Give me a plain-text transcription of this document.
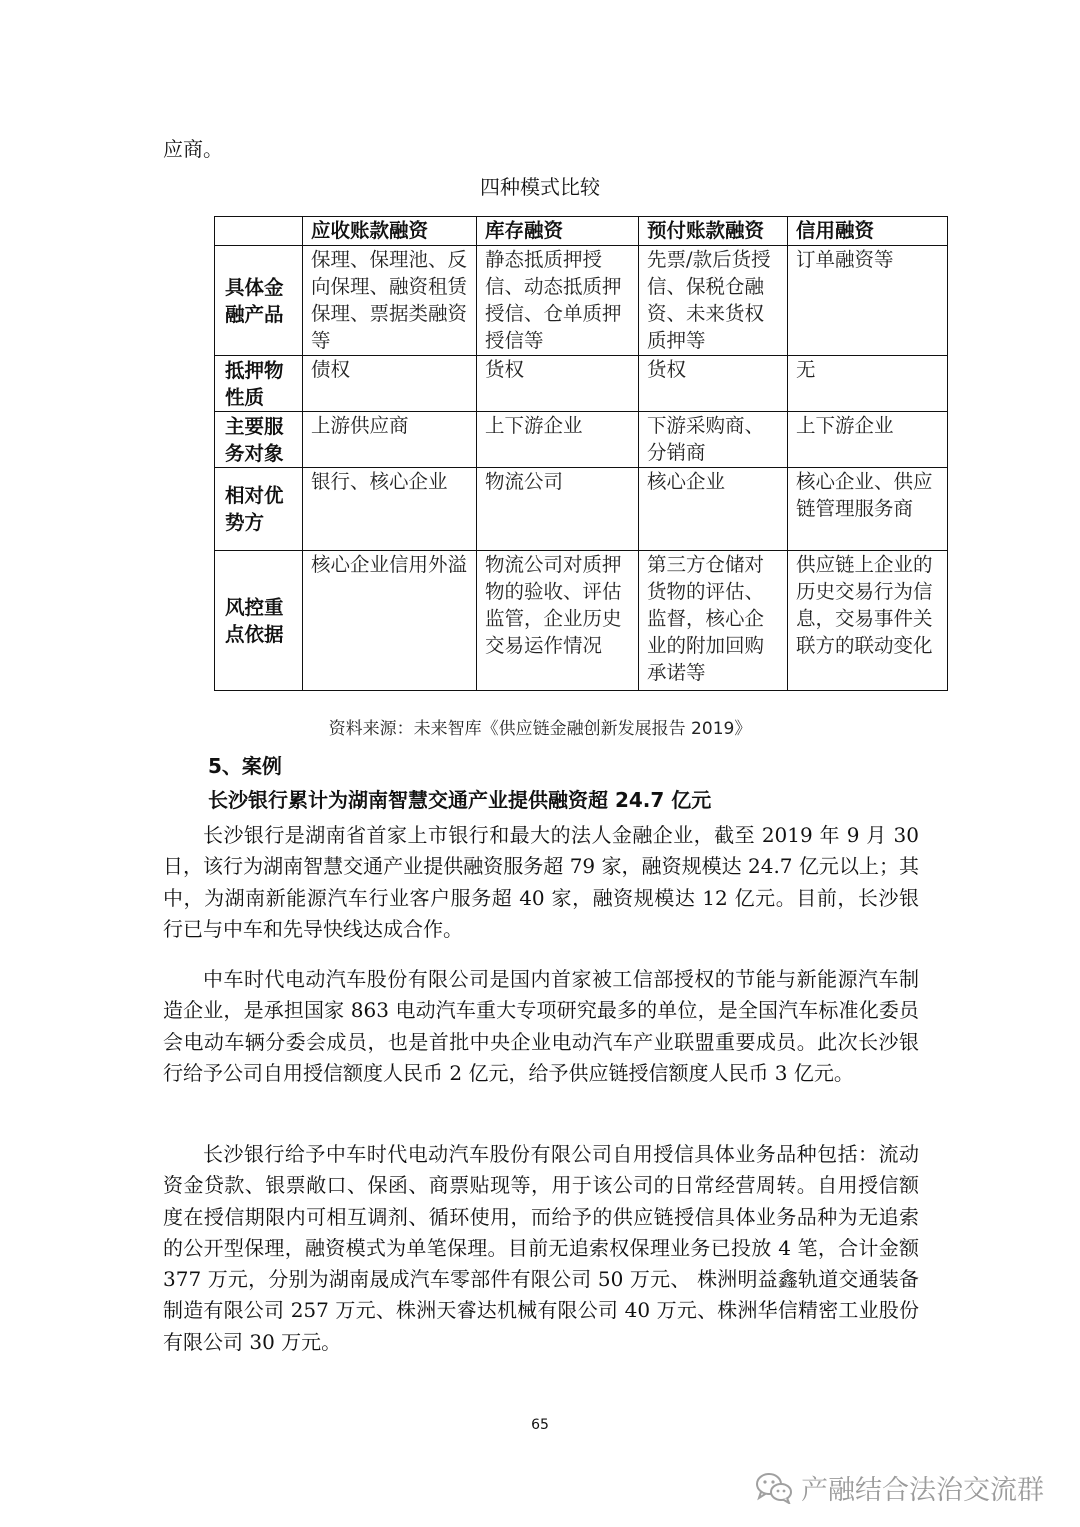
应商。
四种模式比较
	应收账款融资	库存融资	预付账款融资	信用融资
具体金融产品	保理、保理池、反向保理、融资租赁保理、票据类融资等	静态抵质押授信、动态抵质押授信、仓单质押授信等	先票/款后货授信、保税仓融资、未来货权质押等	订单融资等
抵押物性质	债权	货权	货权	无
主要服务对象	上游供应商	上下游企业	下游采购商、分销商	上下游企业
相对优势方	银行、核心企业	物流公司	核心企业	核心企业、供应链管理服务商
风控重点依据	核心企业信用外溢	物流公司对质押物的验收、评估监管，企业历史交易运作情况	第三方仓储对货物的评估、监督，核心企业的附加回购承诺等	供应链上企业的历史交易行为信息，交易事件关联方的联动变化
资料来源：未来智库《供应链金融创新发展报告 2019》
5、案例
长沙银行累计为湖南智慧交通产业提供融资超 24.7 亿元

长沙银行是湖南省首家上市银行和最大的法人金融企业，截至 2019 年 9 月 30 日，该行为湖南智慧交通产业提供融资服务超 79 家，融资规模达 24.7 亿元以上；其中，为湖南新能源汽车行业客户服务超 40 家，融资规模达 12 亿元。目前，长沙银行已与中车和先导快线达成合作。

中车时代电动汽车股份有限公司是国内首家被工信部授权的节能与新能源汽车制造企业，是承担国家 863 电动汽车重大专项研究最多的单位，是全国汽车标准化委员会电动车辆分委会成员，也是首批中央企业电动汽车产业联盟重要成员。此次长沙银行给予公司自用授信额度人民币 2 亿元，给予供应链授信额度人民币 3 亿元。

长沙银行给予中车时代电动汽车股份有限公司自用授信具体业务品种包括：流动资金贷款、银票敞口、保函、商票贴现等，用于该公司的日常经营周转。自用授信额度在授信期限内可相互调剂、循环使用，而给予的供应链授信具体业务品种为无追索的公开型保理，融资模式为单笔保理。目前无追索权保理业务已投放 4 笔，合计金额 377 万元，分别为湖南晟成汽车零部件有限公司 50 万元、 株洲明益鑫轨道交通装备制造有限公司 257 万元、株洲天睿达机械有限公司 40 万元、株洲华信精密工业股份有限公司 30 万元。

65
产融结合法治交流群
